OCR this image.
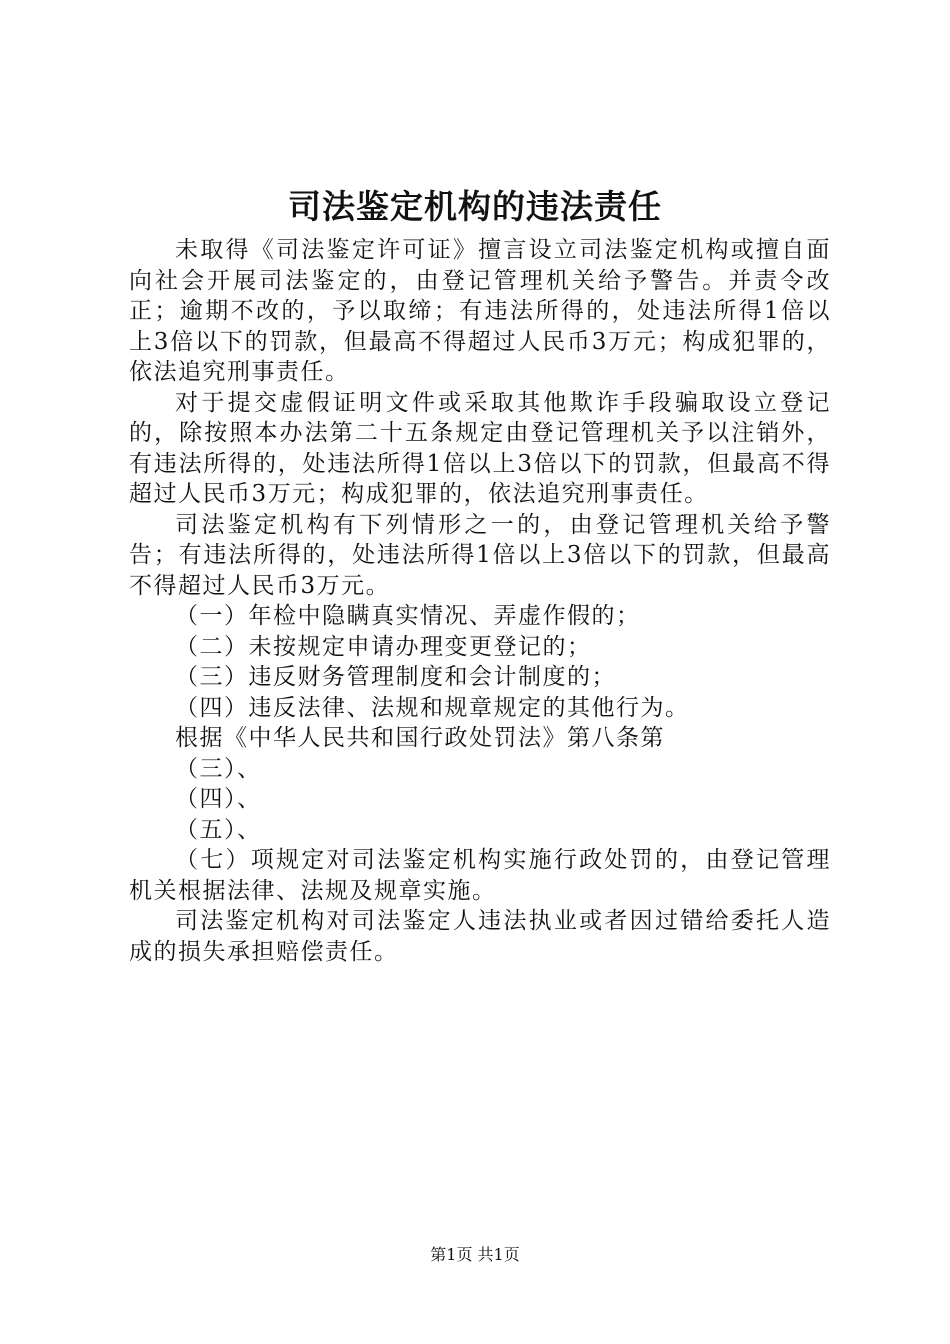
司法鉴定机构的违法责任

未取得《司法鉴定许可证》擅言设立司法鉴定机构或擅自面向社会开展司法鉴定的，由登记管理机关给予警告。并责令改正；逾期不改的，予以取缔；有违法所得的，处违法所得1倍以上3倍以下的罚款，但最高不得超过人民币3万元；构成犯罪的，依法追究刑事责任。

对于提交虚假证明文件或采取其他欺诈手段骗取设立登记的，除按照本办法第二十五条规定由登记管理机关予以注销外，有违法所得的，处违法所得1倍以上3倍以下的罚款，但最高不得超过人民币3万元；构成犯罪的，依法追究刑事责任。

司法鉴定机构有下列情形之一的，由登记管理机关给予警告；有违法所得的，处违法所得1倍以上3倍以下的罚款，但最高不得超过人民币3万元。

（一）年检中隐瞒真实情况、弄虚作假的；

（二）未按规定申请办理变更登记的；

（三）违反财务管理制度和会计制度的；

（四）违反法律、法规和规章规定的其他行为。

根据《中华人民共和国行政处罚法》第八条第

（三）、

（四）、

（五）、

（七）项规定对司法鉴定机构实施行政处罚的，由登记管理机关根据法律、法规及规章实施。

司法鉴定机构对司法鉴定人违法执业或者因过错给委托人造成的损失承担赔偿责任。

第1页 共1页
